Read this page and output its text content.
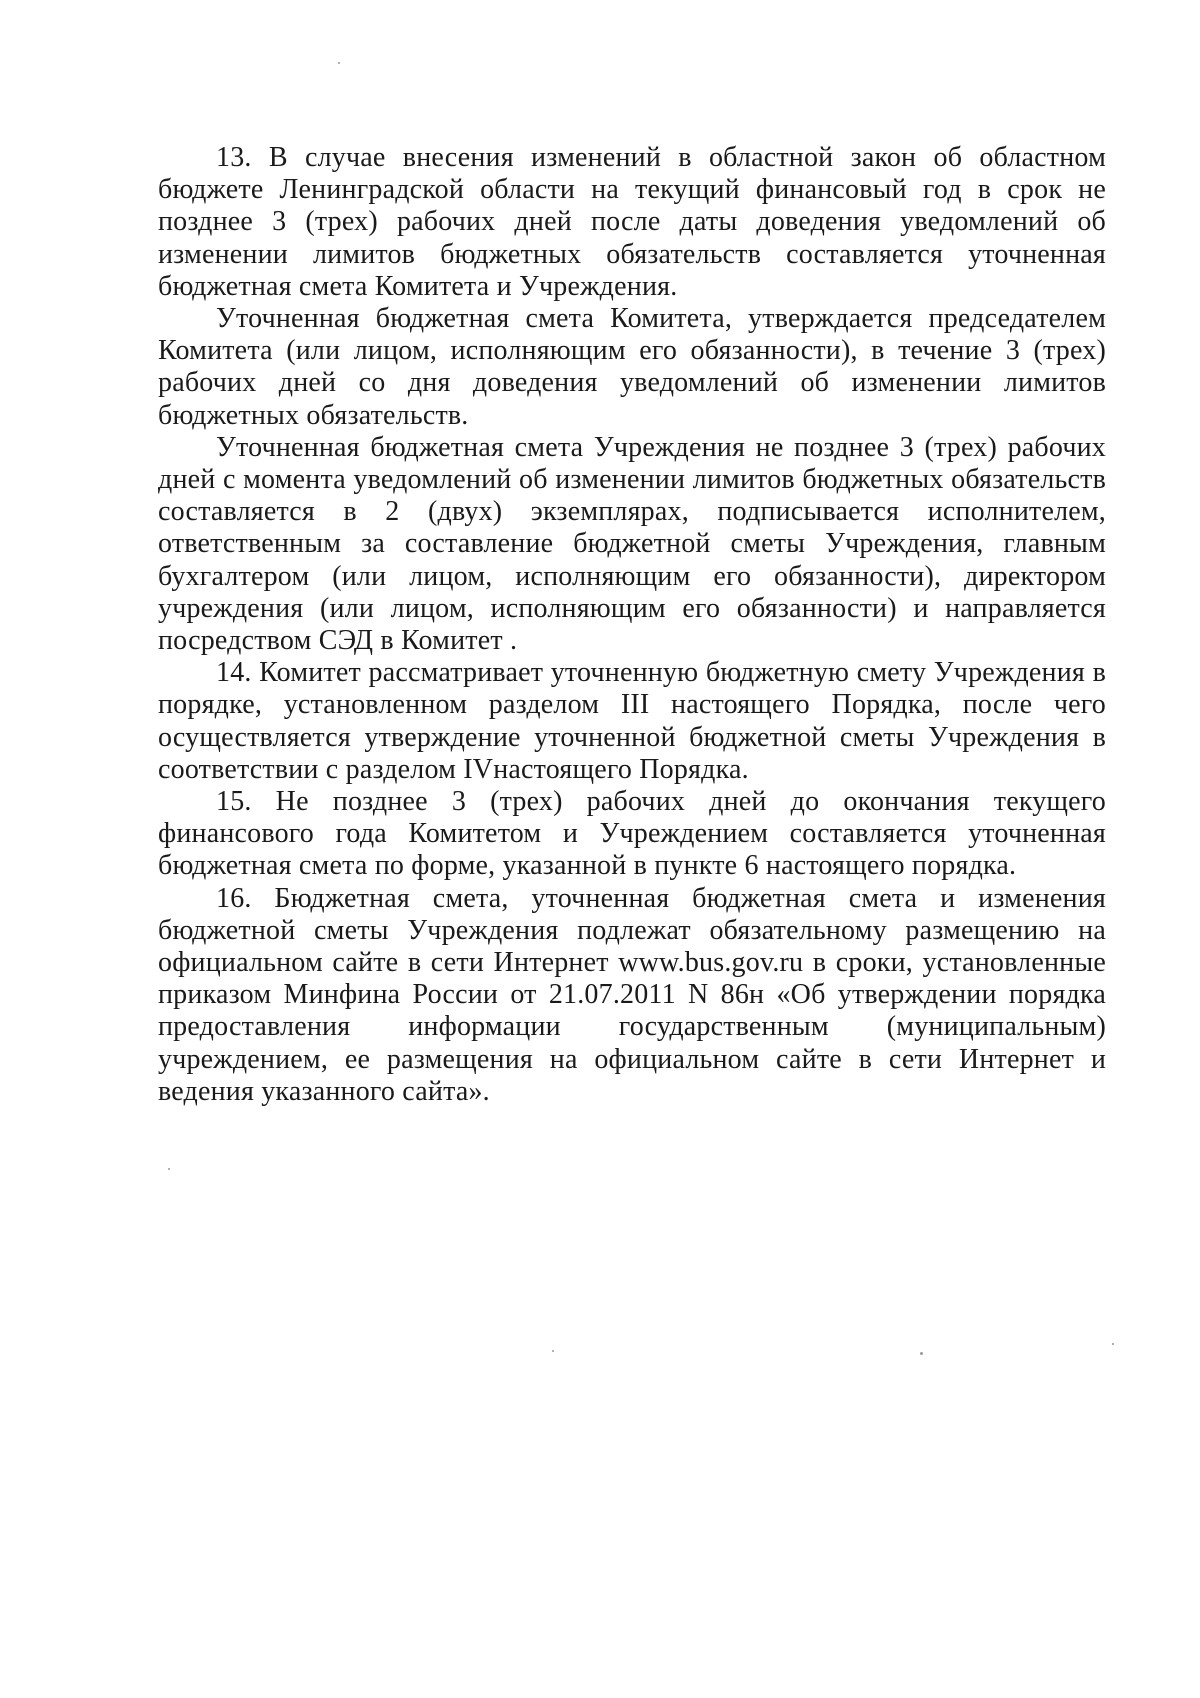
13. В случае внесения изменений в областной закон об областном бюджете Ленинградской области на текущий финансовый год в срок не позднее 3 (трех) рабочих дней после даты доведения уведомлений об изменении лимитов бюджетных обязательств составляется уточненная бюджетная смета Комитета и Учреждения.

Уточненная бюджетная смета Комитета, утверждается председателем Комитета (или лицом, исполняющим его обязанности), в течение 3 (трех) рабочих дней со дня доведения уведомлений об изменении лимитов бюджетных обязательств.

Уточненная бюджетная смета Учреждения не позднее 3 (трех) рабочих дней с момента уведомлений об изменении лимитов бюджетных обязательств составляется в 2 (двух) экземплярах, подписывается исполнителем, ответственным за составление бюджетной сметы Учреждения, главным бухгалтером (или лицом, исполняющим его обязанности), директором учреждения (или лицом, исполняющим его обязанности) и направляется посредством СЭД в Комитет .

14. Комитет рассматривает уточненную бюджетную смету Учреждения в порядке, установленном разделом III настоящего Порядка, после чего осуществляется утверждение уточненной бюджетной сметы Учреждения в соответствии с разделом IVнастоящего Порядка.

15. Не позднее 3 (трех) рабочих дней до окончания текущего финансового года Комитетом и Учреждением составляется уточненная бюджетная смета по форме, указанной в пункте 6 настоящего порядка.

16. Бюджетная смета, уточненная бюджетная смета и изменения бюджетной сметы Учреждения подлежат обязательному размещению на официальном сайте в сети Интернет www.bus.gov.ru в сроки, установленные приказом Минфина России от 21.07.2011 N 86н «Об утверждении порядка предоставления информации государственным (муниципальным) учреждением, ее размещения на официальном сайте в сети Интернет и ведения указанного сайта».
